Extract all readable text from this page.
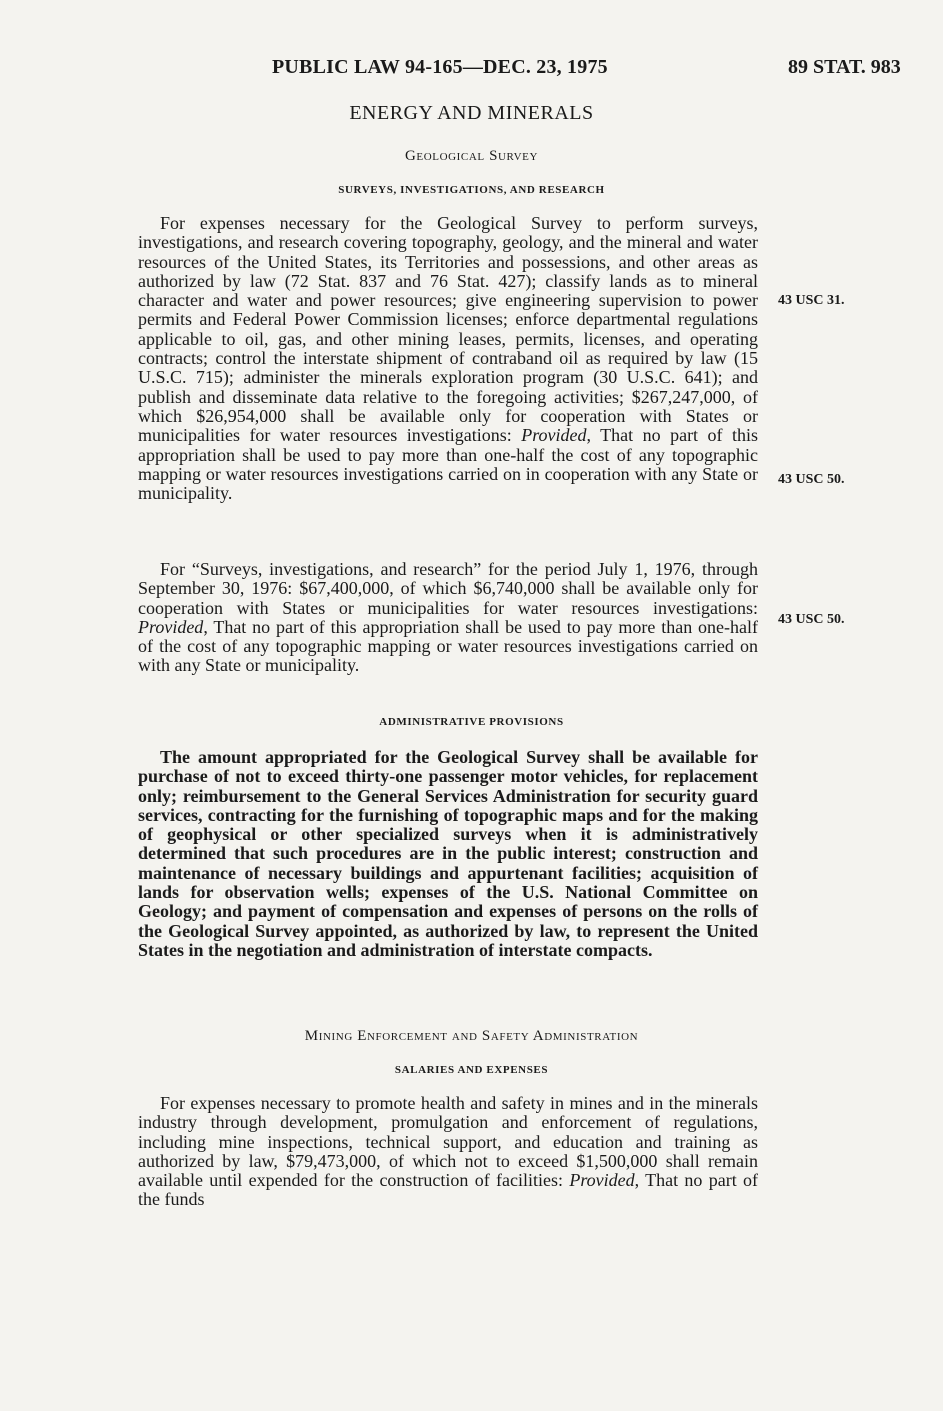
PUBLIC LAW 94-165—DEC. 23, 1975	89 STAT. 983
ENERGY AND MINERALS
Geological Survey
SURVEYS, INVESTIGATIONS, AND RESEARCH

For expenses necessary for the Geological Survey to perform surveys, investigations, and research covering topography, geology, and the mineral and water resources of the United States, its Territories and possessions, and other areas as authorized by law (72 Stat. 837 and 76 Stat. 427); classify lands as to mineral character and water and power resources; give engineering supervision to power permits and Federal Power Commission licenses; enforce departmental regulations applicable to oil, gas, and other mining leases, permits, licenses, and operating contracts; control the interstate shipment of contraband oil as required by law (15 U.S.C. 715); administer the minerals exploration program (30 U.S.C. 641); and publish and disseminate data relative to the foregoing activities; $267,247,000, of which $26,954,000 shall be available only for cooperation with States or municipalities for water resources investigations: Provided, That no part of this appropriation shall be used to pay more than one-half the cost of any topographic mapping or water resources investigations carried on in cooperation with any State or municipality.

43 USC 31.
43 USC 50.

For “Surveys, investigations, and research” for the period July 1, 1976, through September 30, 1976: $67,400,000, of which $6,740,000 shall be available only for cooperation with States or municipalities for water resources investigations: Provided, That no part of this appropriation shall be used to pay more than one-half of the cost of any topographic mapping or water resources investigations carried on with any State or municipality.

43 USC 50.
ADMINISTRATIVE PROVISIONS

The amount appropriated for the Geological Survey shall be available for purchase of not to exceed thirty-one passenger motor vehicles, for replacement only; reimbursement to the General Services Administration for security guard services, contracting for the furnishing of topographic maps and for the making of geophysical or other specialized surveys when it is administratively determined that such procedures are in the public interest; construction and maintenance of necessary buildings and appurtenant facilities; acquisition of lands for observation wells; expenses of the U.S. National Committee on Geology; and payment of compensation and expenses of persons on the rolls of the Geological Survey appointed, as authorized by law, to represent the United States in the negotiation and administration of interstate compacts.

Mining Enforcement and Safety Administration
SALARIES AND EXPENSES

For expenses necessary to promote health and safety in mines and in the minerals industry through development, promulgation and enforcement of regulations, including mine inspections, technical support, and education and training as authorized by law, $79,473,000, of which not to exceed $1,500,000 shall remain available until expended for the construction of facilities: Provided, That no part of the funds
